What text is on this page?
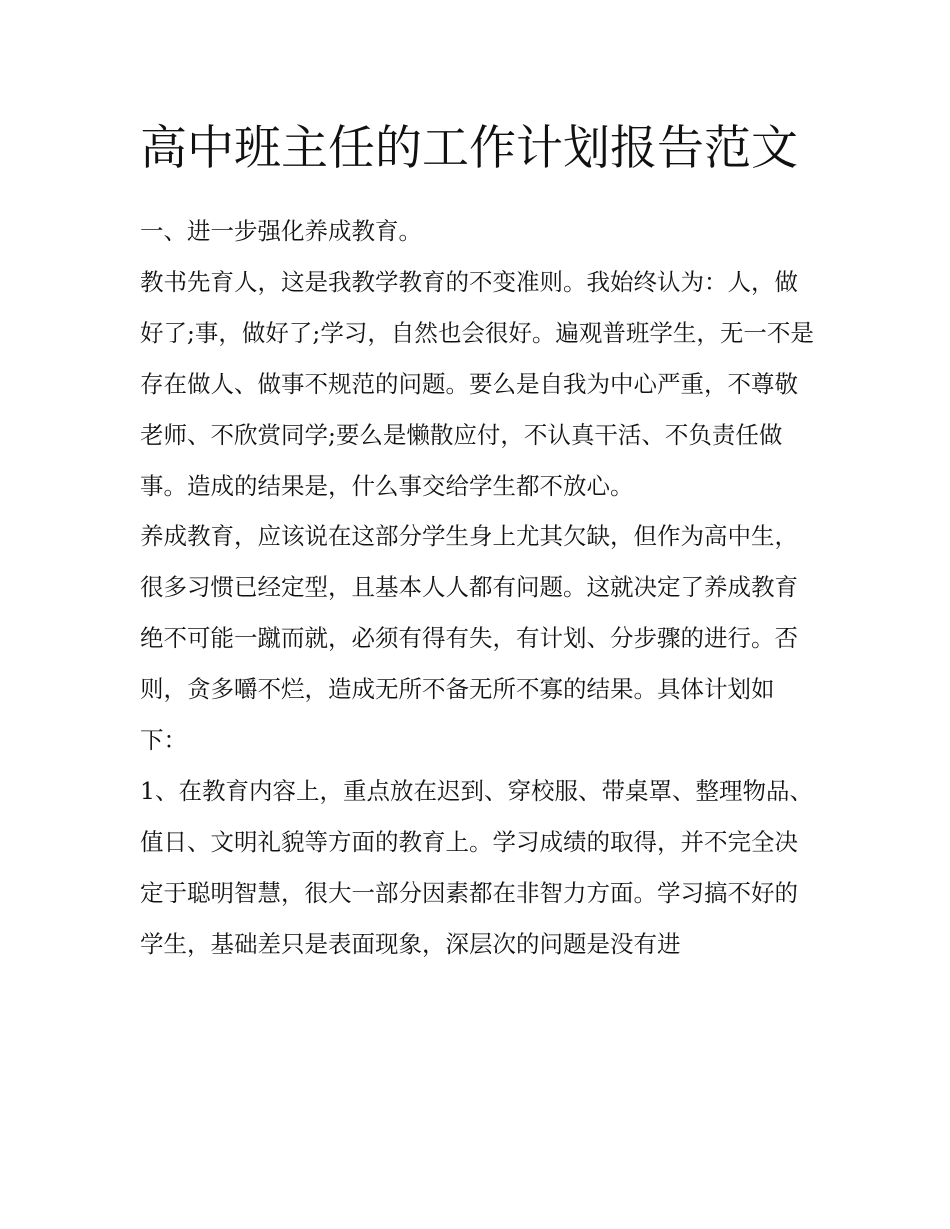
高中班主任的工作计划报告范文

一、进一步强化养成教育。

教书先育人，这是我教学教育的不变准则。我始终认为：人，做好了;事，做好了;学习，自然也会很好。遍观普班学生，无一不是存在做人、做事不规范的问题。要么是自我为中心严重，不尊敬老师、不欣赏同学;要么是懒散应付，不认真干活、不负责任做事。造成的结果是，什么事交给学生都不放心。

养成教育，应该说在这部分学生身上尤其欠缺，但作为高中生，很多习惯已经定型，且基本人人都有问题。这就决定了养成教育绝不可能一蹴而就，必须有得有失，有计划、分步骤的进行。否则，贪多嚼不烂，造成无所不备无所不寡的结果。具体计划如下：

1、在教育内容上，重点放在迟到、穿校服、带桌罩、整理物品、值日、文明礼貌等方面的教育上。学习成绩的取得，并不完全决定于聪明智慧，很大一部分因素都在非智力方面。学习搞不好的学生，基础差只是表面现象，深层次的问题是没有进
